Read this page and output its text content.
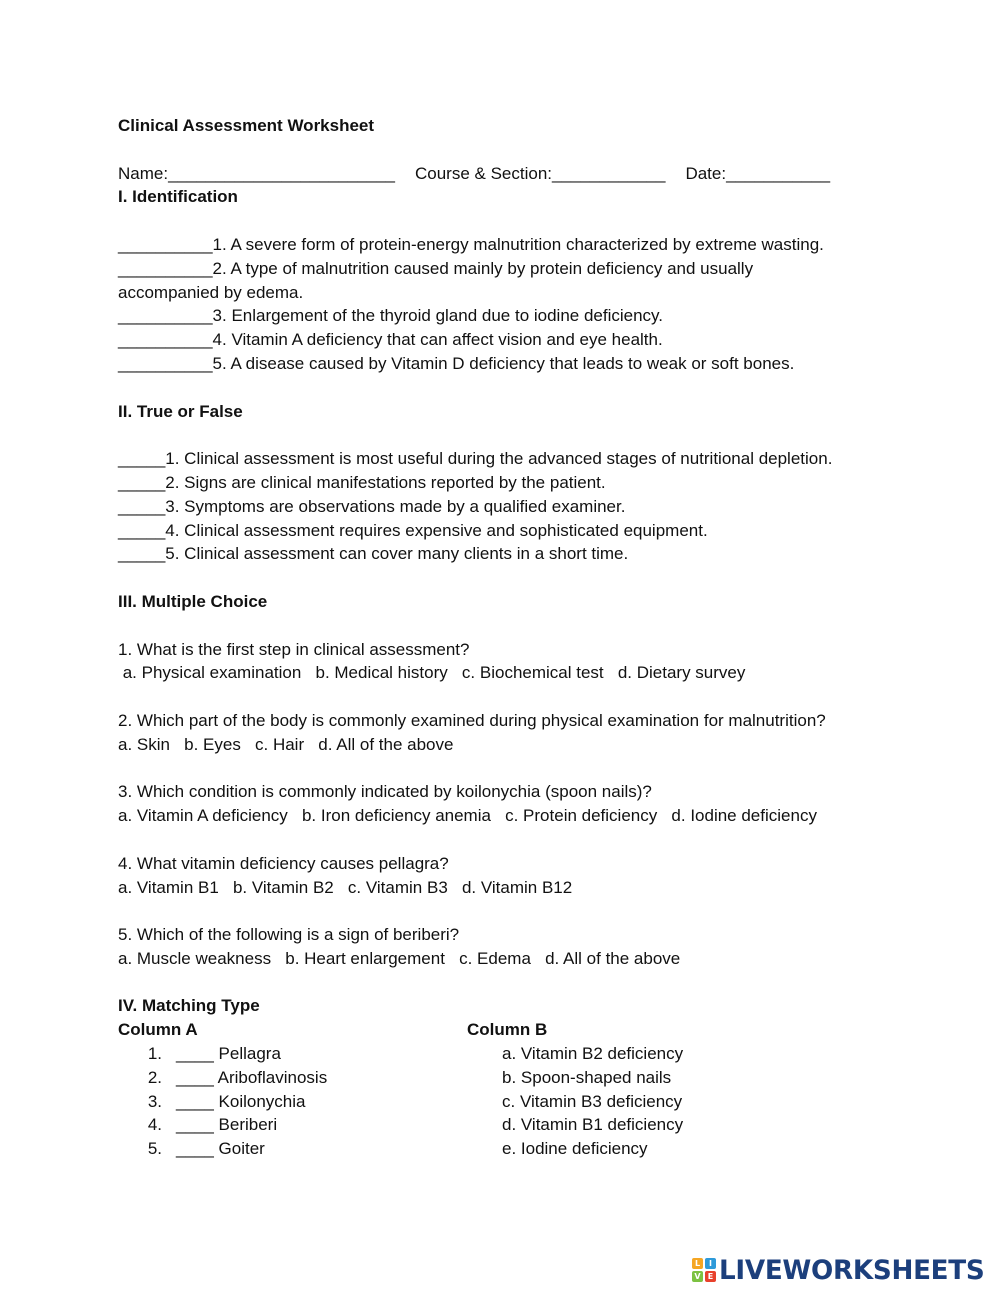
Clinical Assessment Worksheet
Name:________________________ Course & Section:____________ Date:___________
I. Identification
__________1. A severe form of protein-energy malnutrition characterized by extreme wasting.
__________2. A type of malnutrition caused mainly by protein deficiency and usually accompanied by edema.
__________3. Enlargement of the thyroid gland due to iodine deficiency.
__________4. Vitamin A deficiency that can affect vision and eye health.
__________5. A disease caused by Vitamin D deficiency that leads to weak or soft bones.
II. True or False
_____1. Clinical assessment is most useful during the advanced stages of nutritional depletion.
_____2. Signs are clinical manifestations reported by the patient.
_____3. Symptoms are observations made by a qualified examiner.
_____4. Clinical assessment requires expensive and sophisticated equipment.
_____5. Clinical assessment can cover many clients in a short time.
III. Multiple Choice
1. What is the first step in clinical assessment?
a. Physical examination   b. Medical history   c. Biochemical test   d. Dietary survey
2. Which part of the body is commonly examined during physical examination for malnutrition?
a. Skin   b. Eyes   c. Hair   d. All of the above
3. Which condition is commonly indicated by koilonychia (spoon nails)?
a. Vitamin A deficiency   b. Iron deficiency anemia   c. Protein deficiency   d. Iodine deficiency
4. What vitamin deficiency causes pellagra?
a. Vitamin B1   b. Vitamin B2   c. Vitamin B3   d. Vitamin B12
5. Which of the following is a sign of beriberi?
a. Muscle weakness   b. Heart enlargement   c. Edema   d. All of the above
IV. Matching Type
Column A	Column B
1. ____ Pellagra	a. Vitamin B2 deficiency
2. ____ Ariboflavinosis	b. Spoon-shaped nails
3. ____ Koilonychia	c. Vitamin B3 deficiency
4. ____ Beriberi	d. Vitamin B1 deficiency
5. ____ Goiter	e. Iodine deficiency
L	I
V E LIVEWORKSHEETS
